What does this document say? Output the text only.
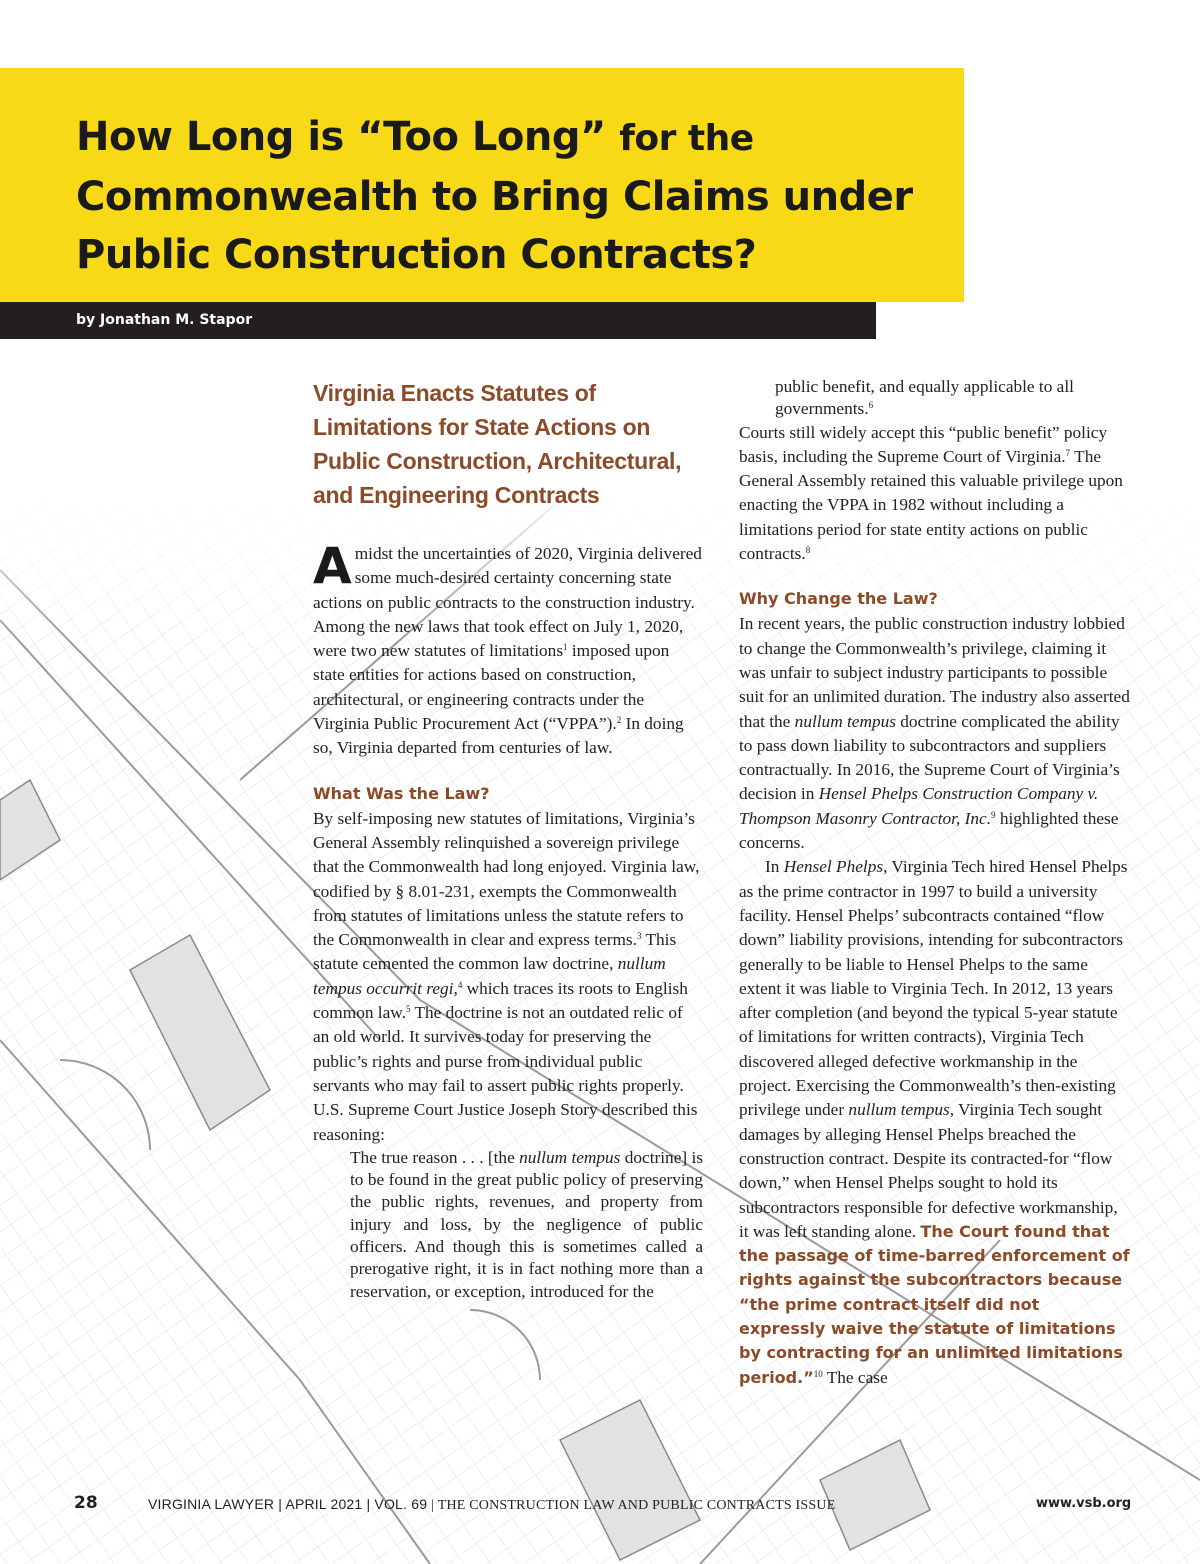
How Long is “Too Long” for the
Commonwealth to Bring Claims under
Public Construction Contracts?
by Jonathan M. Stapor
Virginia Enacts Statutes of Limitations for State Actions on Public Construction, Architectural, and Engineering Contracts

Amidst the uncertainties of 2020, Virginia delivered some much-desired certainty concerning state actions on public contracts to the construction industry. Among the new laws that took effect on July 1, 2020, were two new statutes of limitations$^1$ imposed upon state entities for actions based on construction, architectural, or engineering contracts under the Virginia Public Procurement Act (“VPPA”).$^2$ In doing so, Virginia departed from centuries of law.

What Was the Law?

By self-imposing new statutes of limitations, Virginia’s General Assembly relinquished a sovereign privilege that the Commonwealth had long enjoyed. Virginia law, codified by § 8.01-231, exempts the Commonwealth from statutes of limitations unless the statute refers to the Commonwealth in clear and express terms.$^3$ This statute cemented the common law doctrine, nullum tempus occurrit regi,$^4$ which traces its roots to English common law.$^5$ The doctrine is not an outdated relic of an old world. It survives today for preserving the public’s rights and purse from individual public servants who may fail to assert public rights properly. U.S. Supreme Court Justice Joseph Story described this reasoning:

The true reason . . . [the nullum tempus doctrine] is to be found in the great public policy of preserving the public rights, revenues, and property from injury and loss, by the negligence of public officers. And though this is sometimes called a prerogative right, it is in fact nothing more than a reservation, or exception, introduced for the

public benefit, and equally applicable to all governments.$^6$

Courts still widely accept this “public benefit” policy basis, including the Supreme Court of Virginia.$^7$ The General Assembly retained this valuable privilege upon enacting the VPPA in 1982 without including a limitations period for state entity actions on public contracts.$^8$

Why Change the Law?

In recent years, the public construction industry lobbied to change the Commonwealth’s privilege, claiming it was unfair to subject industry participants to possible suit for an unlimited duration. The industry also asserted that the nullum tempus doctrine complicated the ability to pass down liability to subcontractors and suppliers contractually. In 2016, the Supreme Court of Virginia’s decision in Hensel Phelps Construction Company v. Thompson Masonry Contractor, Inc.$^9$ highlighted these concerns.

In Hensel Phelps, Virginia Tech hired Hensel Phelps as the prime contractor in 1997 to build a university facility. Hensel Phelps’ subcontracts contained “flow down” liability provisions, intending for subcontractors generally to be liable to Hensel Phelps to the same extent it was liable to Virginia Tech. In 2012, 13 years after completion (and beyond the typical 5-year statute of limitations for written contracts), Virginia Tech discovered alleged defective workmanship in the project. Exercising the Commonwealth’s then-existing privilege under nullum tempus, Virginia Tech sought damages by alleging Hensel Phelps breached the construction contract. Despite its contracted-for “flow down,” when Hensel Phelps sought to hold its subcontractors responsible for defective workmanship, it was left standing alone. The Court found that the passage of time-barred enforcement of rights against the subcontractors because “the prime contract itself did not expressly waive the statute of limitations by contracting for an unlimited limitations period.”$^{10}$ The case

28	VIRGINIA LAWYER | APRIL 2021 | VOL. 69 | THE CONSTRUCTION LAW AND PUBLIC CONTRACTS ISSUE	www.vsb.org
